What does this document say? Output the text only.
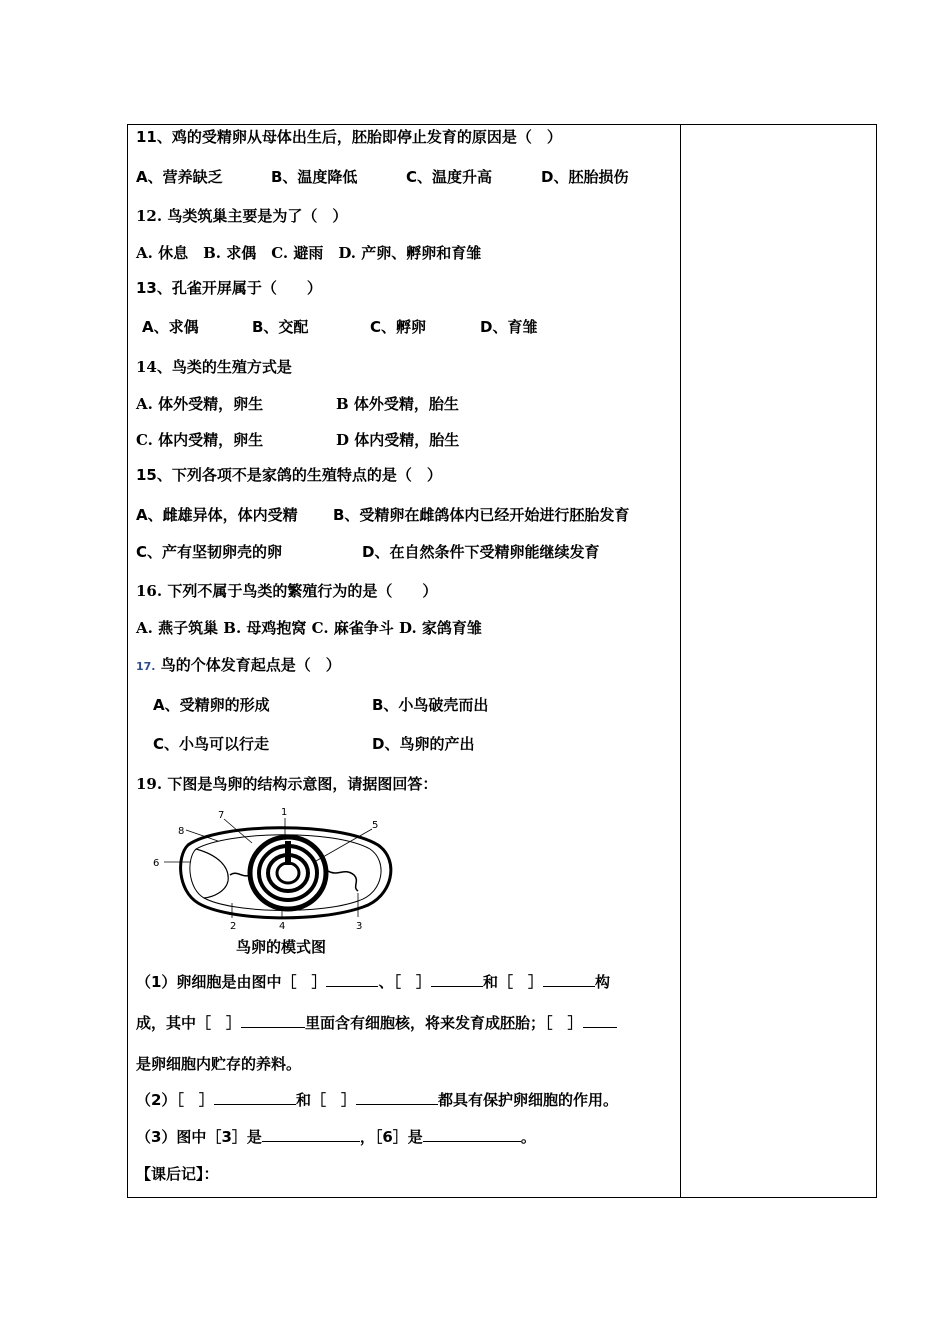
11、鸡的受精卵从母体出生后，胚胎即停止发育的原因是（　）
A、营养缺乏	B、温度降低	C、温度升高	D、胚胎损伤
12. 鸟类筑巢主要是为了（　）
A. 休息　B. 求偶　C. 避雨　D. 产卵、孵卵和育雏
13、孔雀开屏属于（　　）
A、求偶	B、交配	C、孵卵	D、育雏
14、鸟类的生殖方式是
A. 体外受精，卵生	B 体外受精，胎生
C. 体内受精，卵生	D 体内受精，胎生
15、下列各项不是家鸽的生殖特点的是（　）
A、雌雄异体，体内受精 B、受精卵在雌鸽体内已经开始进行胚胎发育
C、产有坚韧卵壳的卵	D、在自然条件下受精卵能继续发育
16. 下列不属于鸟类的繁殖行为的是（　　）
A. 燕子筑巢 B. 母鸡抱窝 C. 麻雀争斗 D. 家鸽育雏
17. 鸟的个体发育起点是（　）
A、受精卵的形成	B、小鸟破壳而出
C、小鸟可以行走	D、鸟卵的产出
19. 下图是鸟卵的结构示意图，请据图回答：
1
2	3
4
5
6
7
8
鸟卵的模式图
（1）卵细胞是由图中［　］	、［　］	和［　］	构
成，其中［　］	里面含有细胞核，将来发育成胚胎；［　］
是卵细胞内贮存的养料。
（2）［　］	和［　］	都具有保护卵细胞的作用。
（3）图中［3］是	，［6］是	。
【课后记】：
